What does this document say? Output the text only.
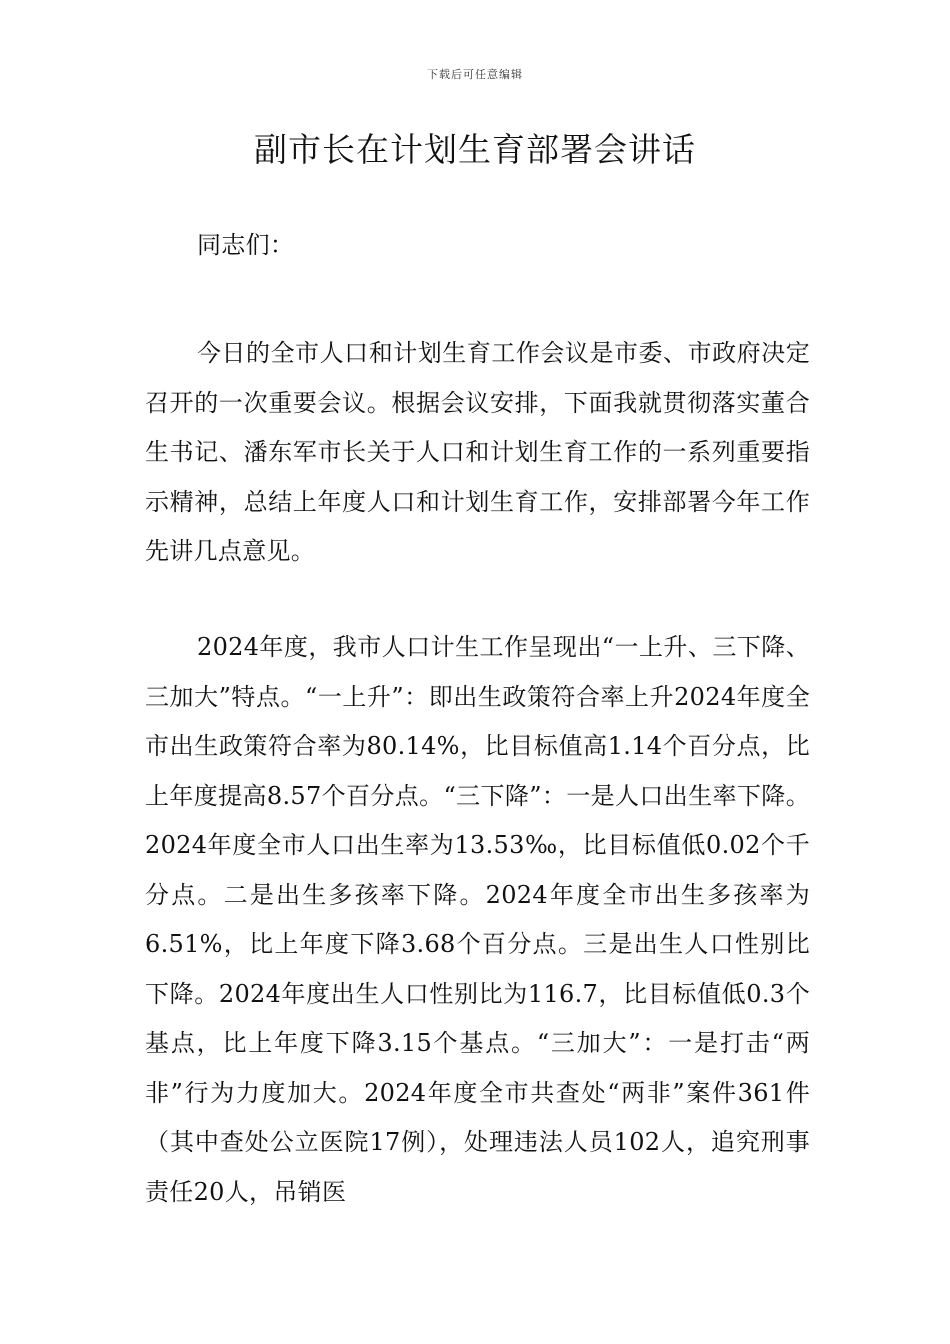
下载后可任意编辑
副市长在计划生育部署会讲话

同志们：

今日的全市人口和计划生育工作会议是市委、市政府决定召开的一次重要会议。根据会议安排，下面我就贯彻落实董合生书记、潘东军市长关于人口和计划生育工作的一系列重要指示精神，总结上年度人口和计划生育工作，安排部署今年工作先讲几点意见。

2024年度，我市人口计生工作呈现出“一上升、三下降、三加大”特点。“一上升”：即出生政策符合率上升2024年度全市出生政策符合率为80.14%，比目标值高1.14个百分点，比上年度提高8.57个百分点。“三下降”：一是人口出生率下降。2024年度全市人口出生率为13.53‰，比目标值低0.02个千分点。二是出生多孩率下降。2024年度全市出生多孩率为6.51%，比上年度下降3.68个百分点。三是出生人口性别比下降。2024年度出生人口性别比为116.7，比目标值低0.3个基点，比上年度下降3.15个基点。“三加大”：一是打击“两非”行为力度加大。2024年度全市共查处“两非”案件361件（其中查处公立医院17例），处理违法人员102人，追究刑事责任20人，吊销医
